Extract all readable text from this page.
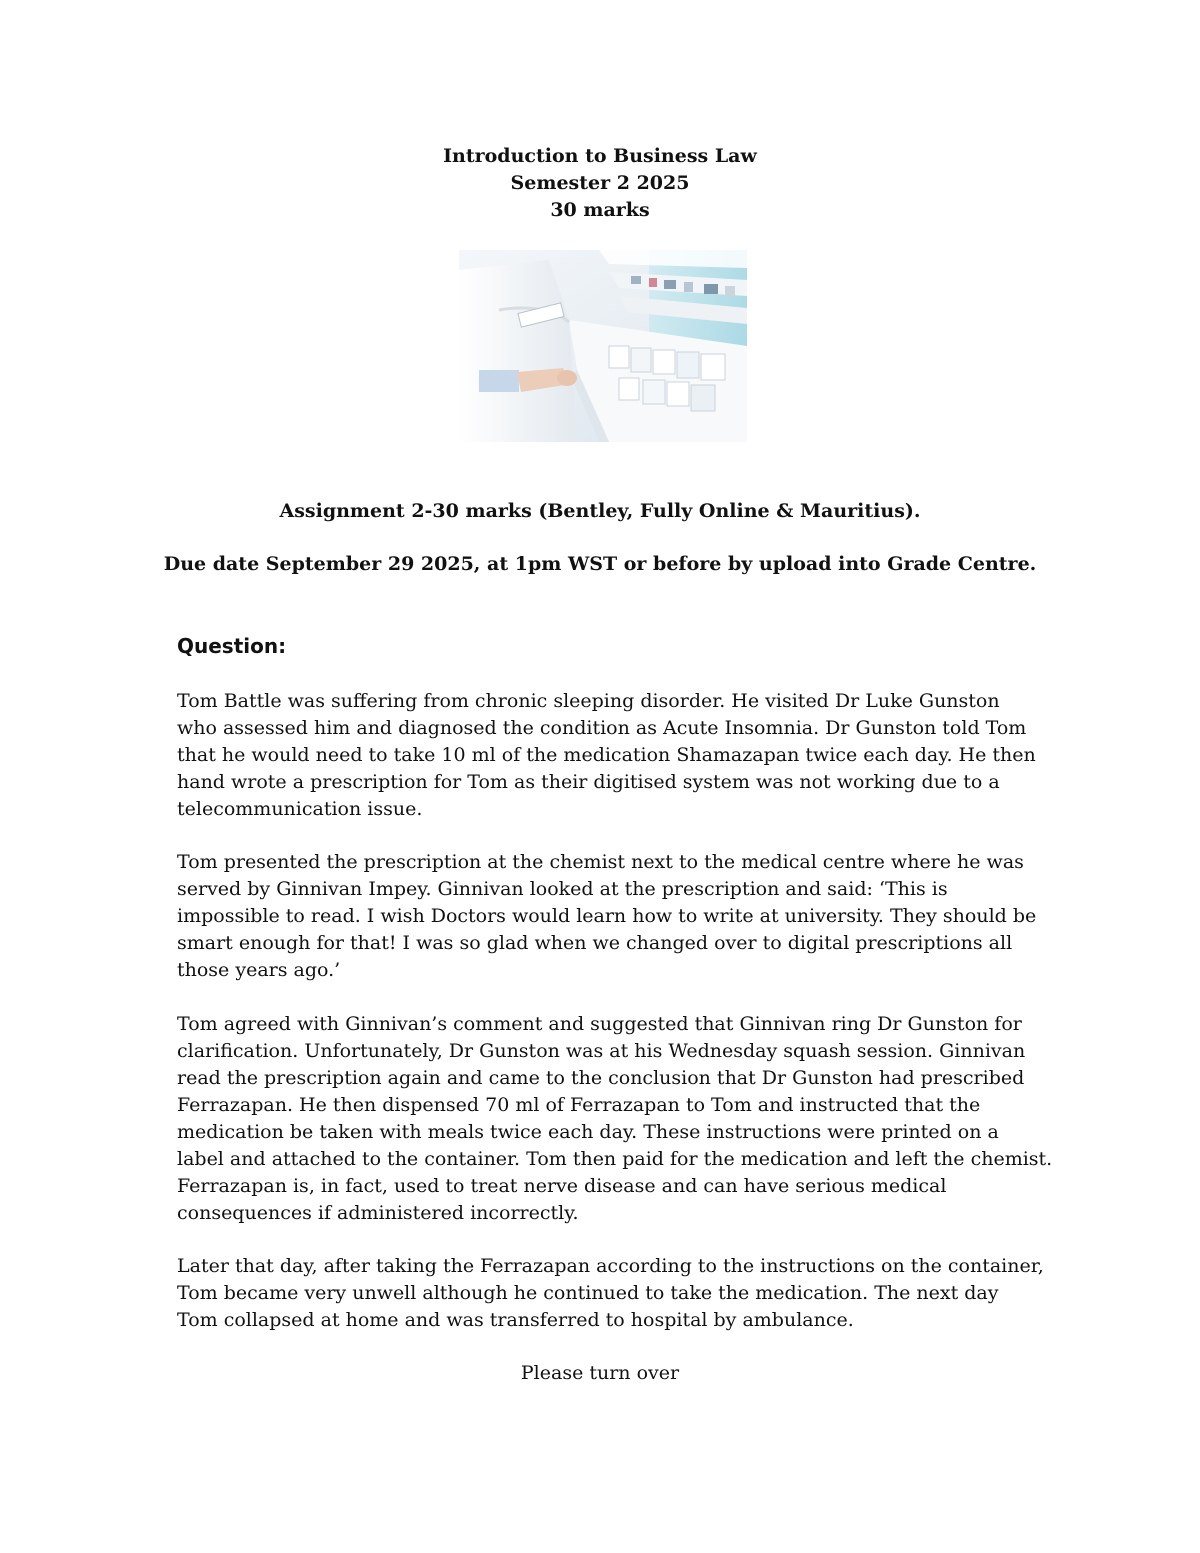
Introduction to Business Law
Semester 2 2025
30 marks
Assignment 2-30 marks (Bentley, Fully Online & Mauritius).
Due date September 29 2025, at 1pm WST or before by upload into Grade Centre.
Question:
Tom Battle was suffering from chronic sleeping disorder. He visited Dr Luke Gunston
who assessed him and diagnosed the condition as Acute Insomnia. Dr Gunston told Tom
that he would need to take 10 ml of the medication Shamazapan twice each day. He then
hand wrote a prescription for Tom as their digitised system was not working due to a
telecommunication issue.
Tom presented the prescription at the chemist next to the medical centre where he was
served by Ginnivan Impey. Ginnivan looked at the prescription and said: ‘This is
impossible to read. I wish Doctors would learn how to write at university. They should be
smart enough for that! I was so glad when we changed over to digital prescriptions all
those years ago.’
Tom agreed with Ginnivan’s comment and suggested that Ginnivan ring Dr Gunston for
clarification. Unfortunately, Dr Gunston was at his Wednesday squash session. Ginnivan
read the prescription again and came to the conclusion that Dr Gunston had prescribed
Ferrazapan. He then dispensed 70 ml of Ferrazapan to Tom and instructed that the
medication be taken with meals twice each day. These instructions were printed on a
label and attached to the container. Tom then paid for the medication and left the chemist.
Ferrazapan is, in fact, used to treat nerve disease and can have serious medical
consequences if administered incorrectly.
Later that day, after taking the Ferrazapan according to the instructions on the container,
Tom became very unwell although he continued to take the medication. The next day
Tom collapsed at home and was transferred to hospital by ambulance.
Please turn over
